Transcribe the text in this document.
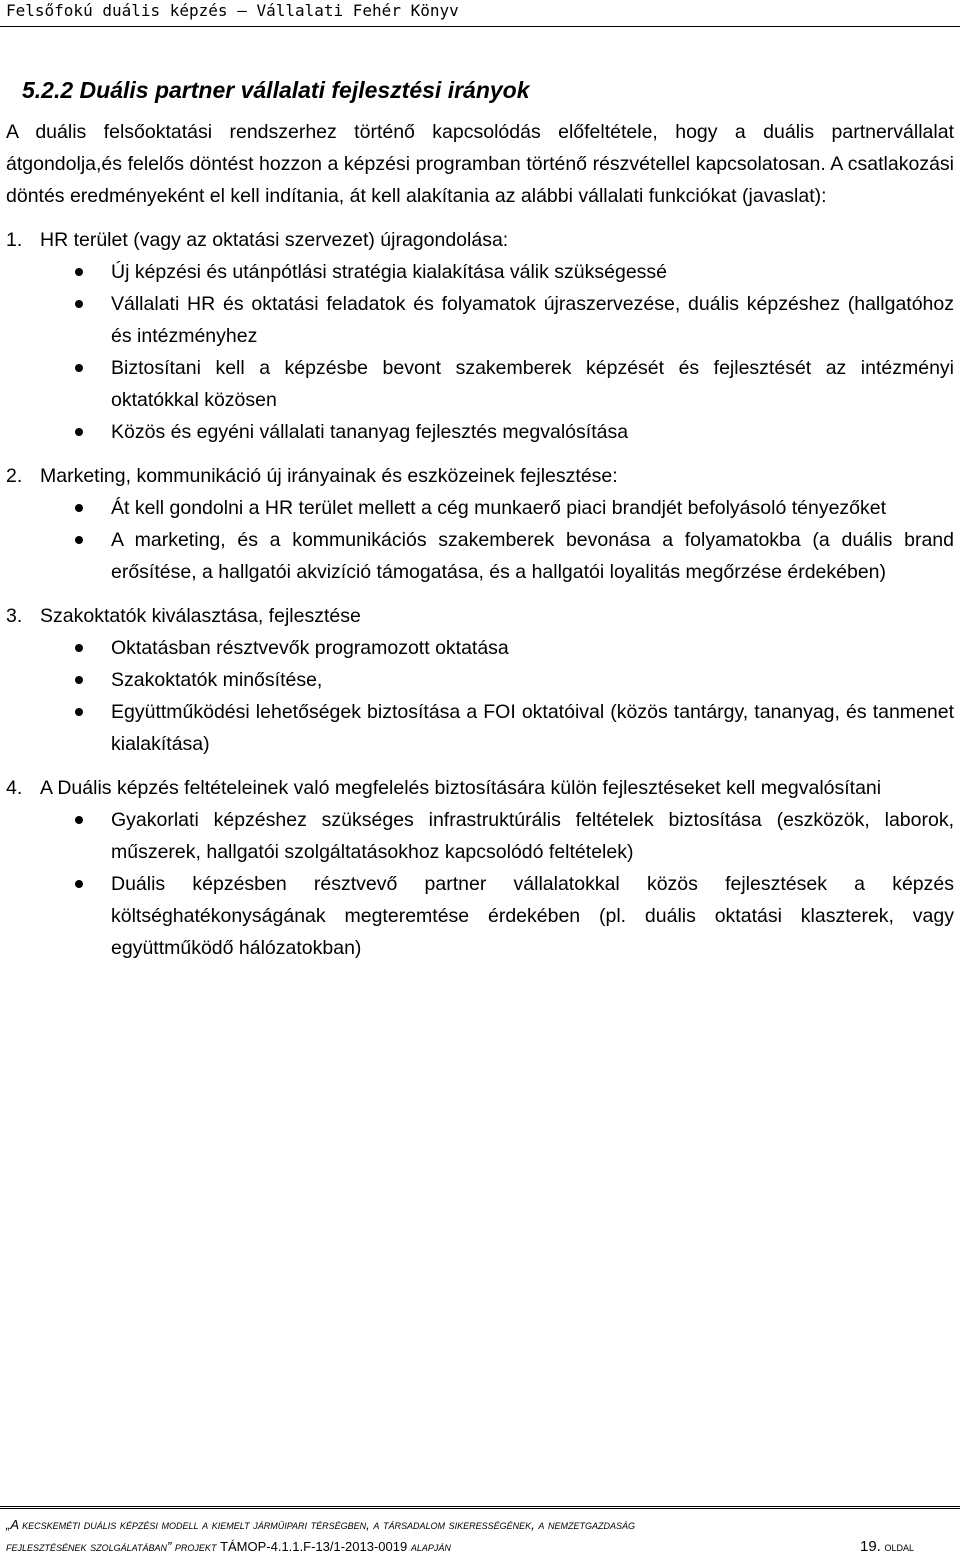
Felsőfokú duális képzés – Vállalati Fehér Könyv
5.2.2 Duális partner vállalati fejlesztési irányok

A duális felsőoktatási rendszerhez történő kapcsolódás előfeltétele, hogy a duális partnervállalat átgondolja,és felelős döntést hozzon a képzési programban történő részvétellel kapcsolatosan. A csatlakozási döntés eredményeként el kell indítania, át kell alakítania az alábbi vállalati funkciókat (javaslat):

1. HR terület (vagy az oktatási szervezet) újragondolása:
Új képzési és utánpótlási stratégia kialakítása válik szükségessé
Vállalati HR és oktatási feladatok és folyamatok újraszervezése, duális képzéshez (hallgatóhoz és intézményhez
Biztosítani kell a képzésbe bevont szakemberek képzését és fejlesztését az intézményi oktatókkal közösen
Közös és egyéni vállalati tananyag fejlesztés megvalósítása
2. Marketing, kommunikáció új irányainak és eszközeinek fejlesztése:
Át kell gondolni a HR terület mellett a cég munkaerő piaci brandjét befolyásoló tényezőket
A marketing, és a kommunikációs szakemberek bevonása a folyamatokba (a duális brand erősítése, a hallgatói akvizíció támogatása, és a hallgatói loyalitás megőrzése érdekében)
3. Szakoktatók kiválasztása, fejlesztése
Oktatásban résztvevők programozott oktatása
Szakoktatók minősítése,
Együttműködési lehetőségek biztosítása a FOI oktatóival (közös tantárgy, tananyag, és tanmenet kialakítása)
4. A Duális képzés feltételeinek való megfelelés biztosítására külön fejlesztéseket kell megvalósítani
Gyakorlati képzéshez szükséges infrastruktúrális feltételek biztosítása (eszközök, laborok, műszerek, hallgatói szolgáltatásokhoz kapcsolódó feltételek)
Duális képzésben résztvevő partner vállalatokkal közös fejlesztések a képzés költséghatékonyságának megteremtése érdekében (pl. duális oktatási klaszterek, vagy együttműködő hálózatokban)
„A kecskeméti duális képzési modell a kiemelt járműipari térségben, a társadalom sikerességének, a nemzetgazdaság
fejlesztésének szolgálatában” projekt TÁMOP-4.1.1.F-13/1-2013-0019 alapján	19. oldal
